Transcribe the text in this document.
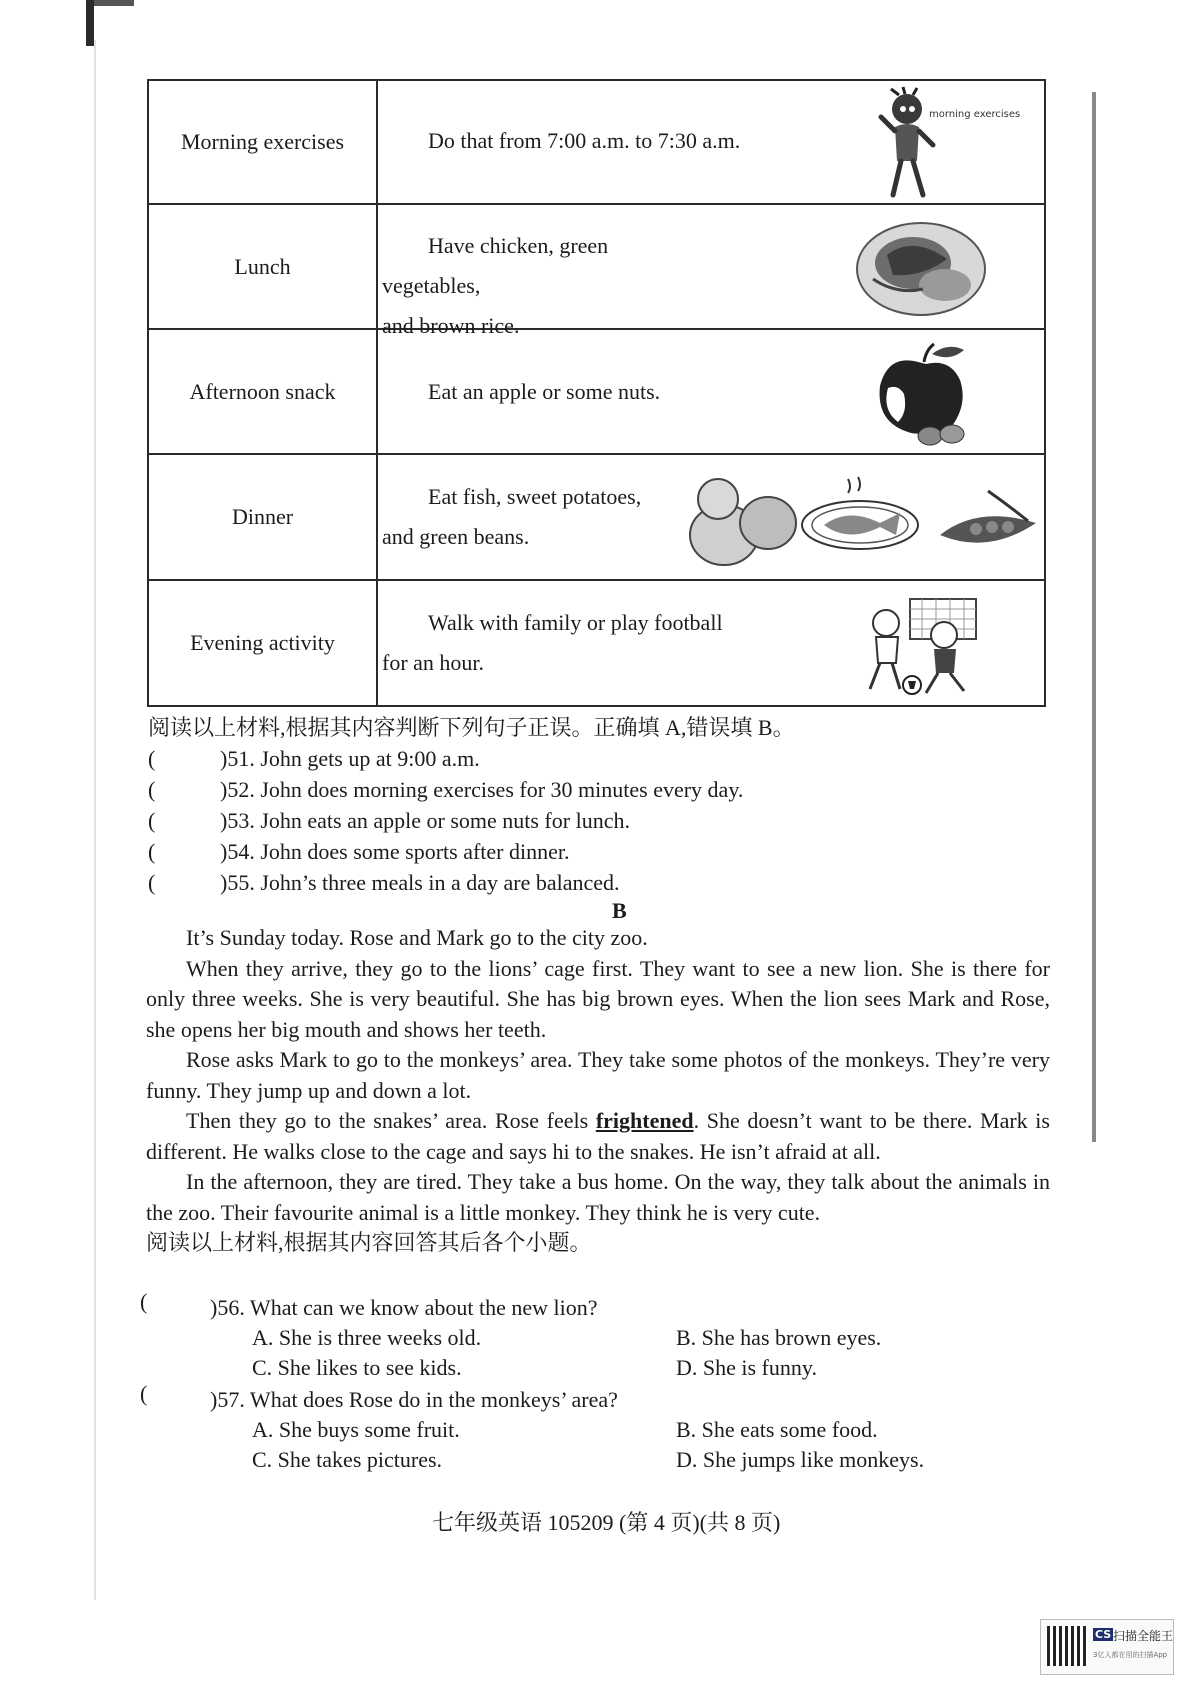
Morning exercises	Do that from 7:00 a.m. to 7:30 a.m.
morning exercises

Lunch	Have chicken, green vegetables,
and brown rice.

Afternoon snack	Eat an apple or some nuts.

Dinner	Eat fish, sweet potatoes,
and green beans.

Evening activity	Walk with family or play football
for an hour.
阅读以上材料,根据其内容判断下列句子正误。正确填 A,错误填 B。
(	)51. John gets up at 9:00 a.m.
(	)52. John does morning exercises for 30 minutes every day.
(	)53. John eats an apple or some nuts for lunch.
(	)54. John does some sports after dinner.
(	)55. John’s three meals in a day are balanced.
B

It’s Sunday today. Rose and Mark go to the city zoo.

When they arrive, they go to the lions’ cage first. They want to see a new lion. She is there for only three weeks. She is very beautiful. She has big brown eyes. When the lion sees Mark and Rose, she opens her big mouth and shows her teeth.

Rose asks Mark to go to the monkeys’ area. They take some photos of the monkeys. They’re very funny. They jump up and down a lot.

Then they go to the snakes’ area. Rose feels frightened. She doesn’t want to be there. Mark is different. He walks close to the cage and says hi to the snakes. He isn’t afraid at all.

In the afternoon, they are tired. They take a bus home. On the way, they talk about the animals in the zoo. Their favourite animal is a little monkey. They think he is very cute.

阅读以上材料,根据其内容回答其后各个小题。
(	)56. What can we know about the new lion?
A. She is three weeks old.	B. She has brown eyes.
C. She likes to see kids.	D. She is funny.
(	)57. What does Rose do in the monkeys’ area?
A. She buys some fruit.	B. She eats some food.
C. She takes pictures.	D. She jumps like monkeys.
七年级英语 105209 (第 4 页)(共 8 页)
CS 扫描全能王
3亿人都在用的扫描App
